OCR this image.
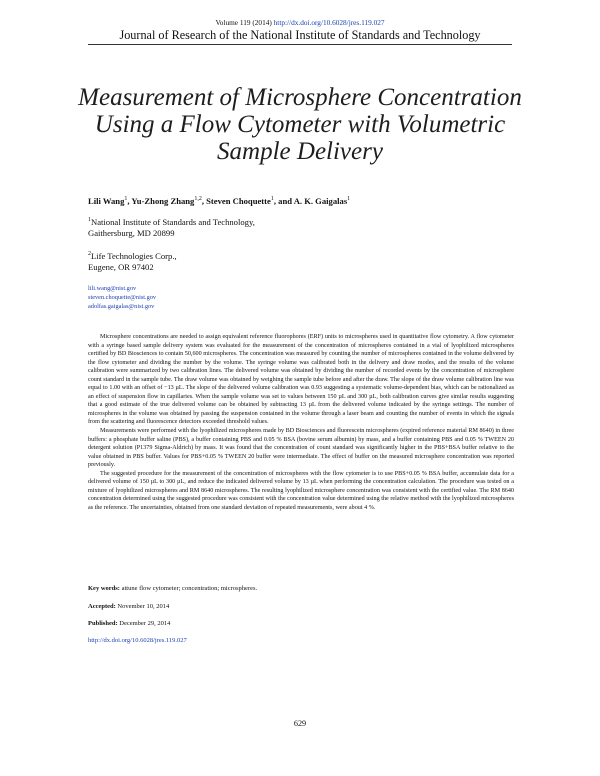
Volume 119 (2014) http://dx.doi.org/10.6028/jres.119.027
Journal of Research of the National Institute of Standards and Technology
Measurement of Microsphere Concentration
Using a Flow Cytometer with Volumetric
Sample Delivery
Lili Wang$^1$, Yu-Zhong Zhang$^{1,2}$, Steven Choquette$^1$, and A. K. Gaigalas$^1$
$^1$National Institute of Standards and Technology,
Gaithersburg, MD 20899
$^2$Life Technologies Corp.,
Eugene, OR 97402
lili.wang@nist.gov
steven.choquette@nist.gov
adolfas.gaigalas@nist.gov

Microsphere concentrations are needed to assign equivalent reference fluorophores (ERF) units to microspheres used in quantitative flow cytometry. A flow cytometer with a syringe based sample delivery system was evaluated for the measurement of the concentration of microspheres contained in a vial of lyophilized microspheres certified by BD Biosciences to contain 50,600 microspheres. The concentration was measured by counting the number of microspheres contained in the volume delivered by the flow cytometer and dividing the number by the volume. The syringe volume was calibrated both in the delivery and draw modes, and the results of the volume calibration were summarized by two calibration lines. The delivered volume was obtained by dividing the number of recorded events by the concentration of microsphere count standard in the sample tube. The draw volume was obtained by weighing the sample tube before and after the draw. The slope of the draw volume calibration line was equal to 1.00 with an offset of −13 µL. The slope of the delivered volume calibration was 0.93 suggesting a systematic volume-dependent bias, which can be rationalized as an effect of suspension flow in capillaries. When the sample volume was set to values between 150 µL and 300 µL, both calibration curves give similar results suggesting that a good estimate of the true delivered volume can be obtained by subtracting 13 µL from the delivered volume indicated by the syringe settings. The number of microspheres in the volume was obtained by passing the suspension contained in the volume through a laser beam and counting the number of events in which the signals from the scattering and fluorescence detectors exceeded threshold values.

Measurements were performed with the lyophilized microspheres made by BD Biosciences and fluorescein microspheres (expired reference material RM 8640) in three buffers: a phosphate buffer saline (PBS), a buffer containing PBS and 0.05 % BSA (bovine serum albumin) by mass, and a buffer containing PBS and 0.05 % TWEEN 20 detergent solution (P1379 Sigma-Aldrich) by mass. It was found that the concentration of count standard was significantly higher in the PBS+BSA buffer relative to the value obtained in PBS buffer. Values for PBS+0.05 % TWEEN 20 buffer were intermediate. The effect of buffer on the measured microsphere concentration was reported previously.

The suggested procedure for the measurement of the concentration of microspheres with the flow cytometer is to use PBS+0.05 % BSA buffer, accumulate data for a delivered volume of 150 µL to 300 µL, and reduce the indicated delivered volume by 13 µL when performing the concentration calculation. The procedure was tested on a mixture of lyophilized microspheres and RM 8640 microspheres. The resulting lyophilized microsphere concentration was consistent with the certified value. The RM 8640 concentration determined using the suggested procedure was consistent with the concentration value determined using the relative method with the lyophilized microspheres as the reference. The uncertainties, obtained from one standard deviation of repeated measurements, were about 4 %.

Key words: attune flow cytometer; concentration; microspheres.
Accepted: November 10, 2014
Published: December 29, 2014
http://dx.doi.org/10.6028/jres.119.027
629
